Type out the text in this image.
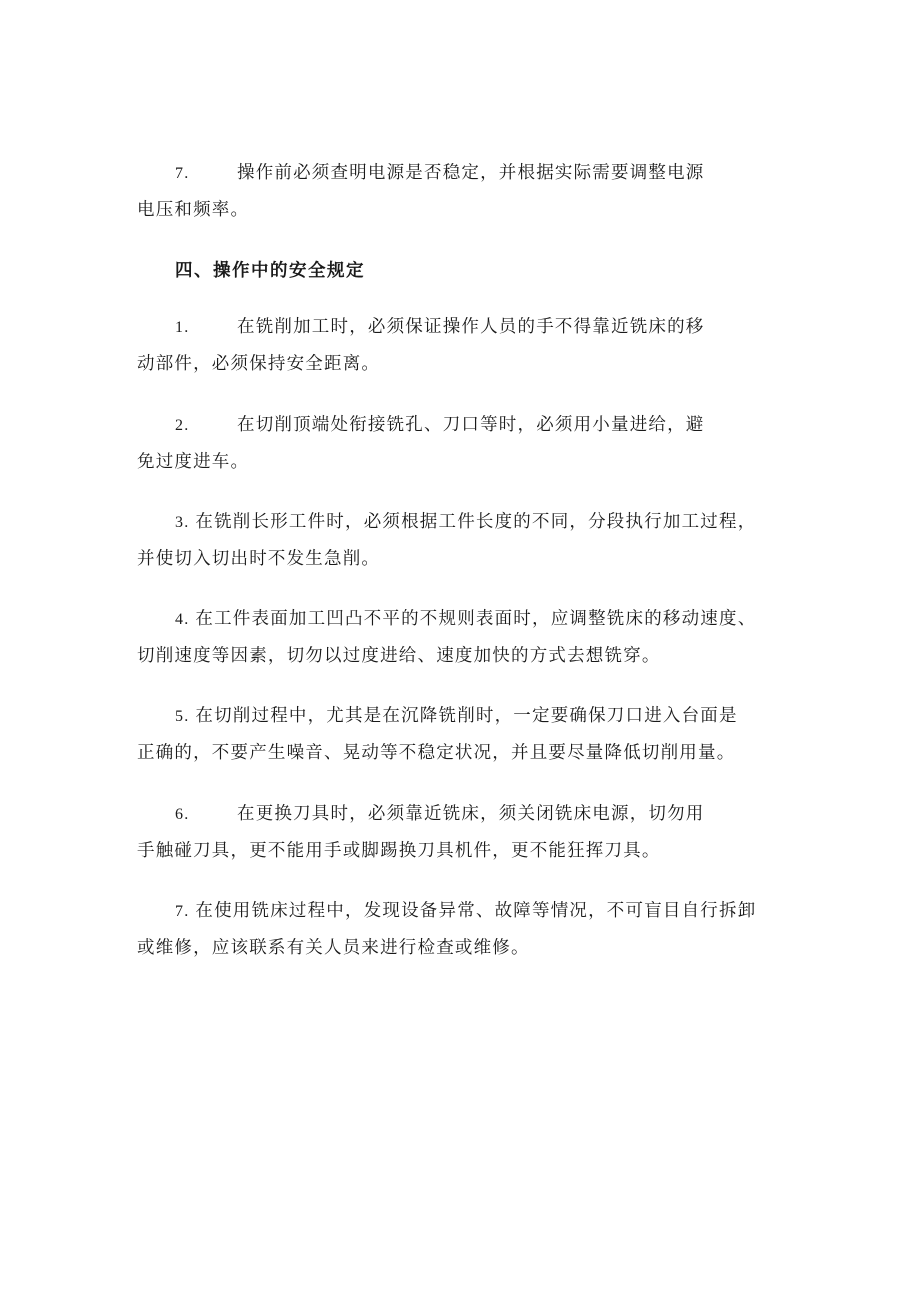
7.	操作前必须查明电源是否稳定，并根据实际需要调整电源
电压和频率。
四、操作中的安全规定
1.	在铣削加工时，必须保证操作人员的手不得靠近铣床的移
动部件，必须保持安全距离。
2.	在切削顶端处衔接铣孔、刀口等时，必须用小量进给，避
免过度进车。
3. 在铣削长形工件时，必须根据工件长度的不同，分段执行加工过程，
并使切入切出时不发生急削。
4. 在工件表面加工凹凸不平的不规则表面时，应调整铣床的移动速度、
切削速度等因素，切勿以过度进给、速度加快的方式去想铣穿。
5. 在切削过程中，尤其是在沉降铣削时，一定要确保刀口进入台面是
正确的，不要产生噪音、晃动等不稳定状况，并且要尽量降低切削用量。
6.	在更换刀具时，必须靠近铣床，须关闭铣床电源，切勿用
手触碰刀具，更不能用手或脚踢换刀具机件，更不能狂挥刀具。
7. 在使用铣床过程中，发现设备异常、故障等情况，不可盲目自行拆卸
或维修，应该联系有关人员来进行检查或维修。
